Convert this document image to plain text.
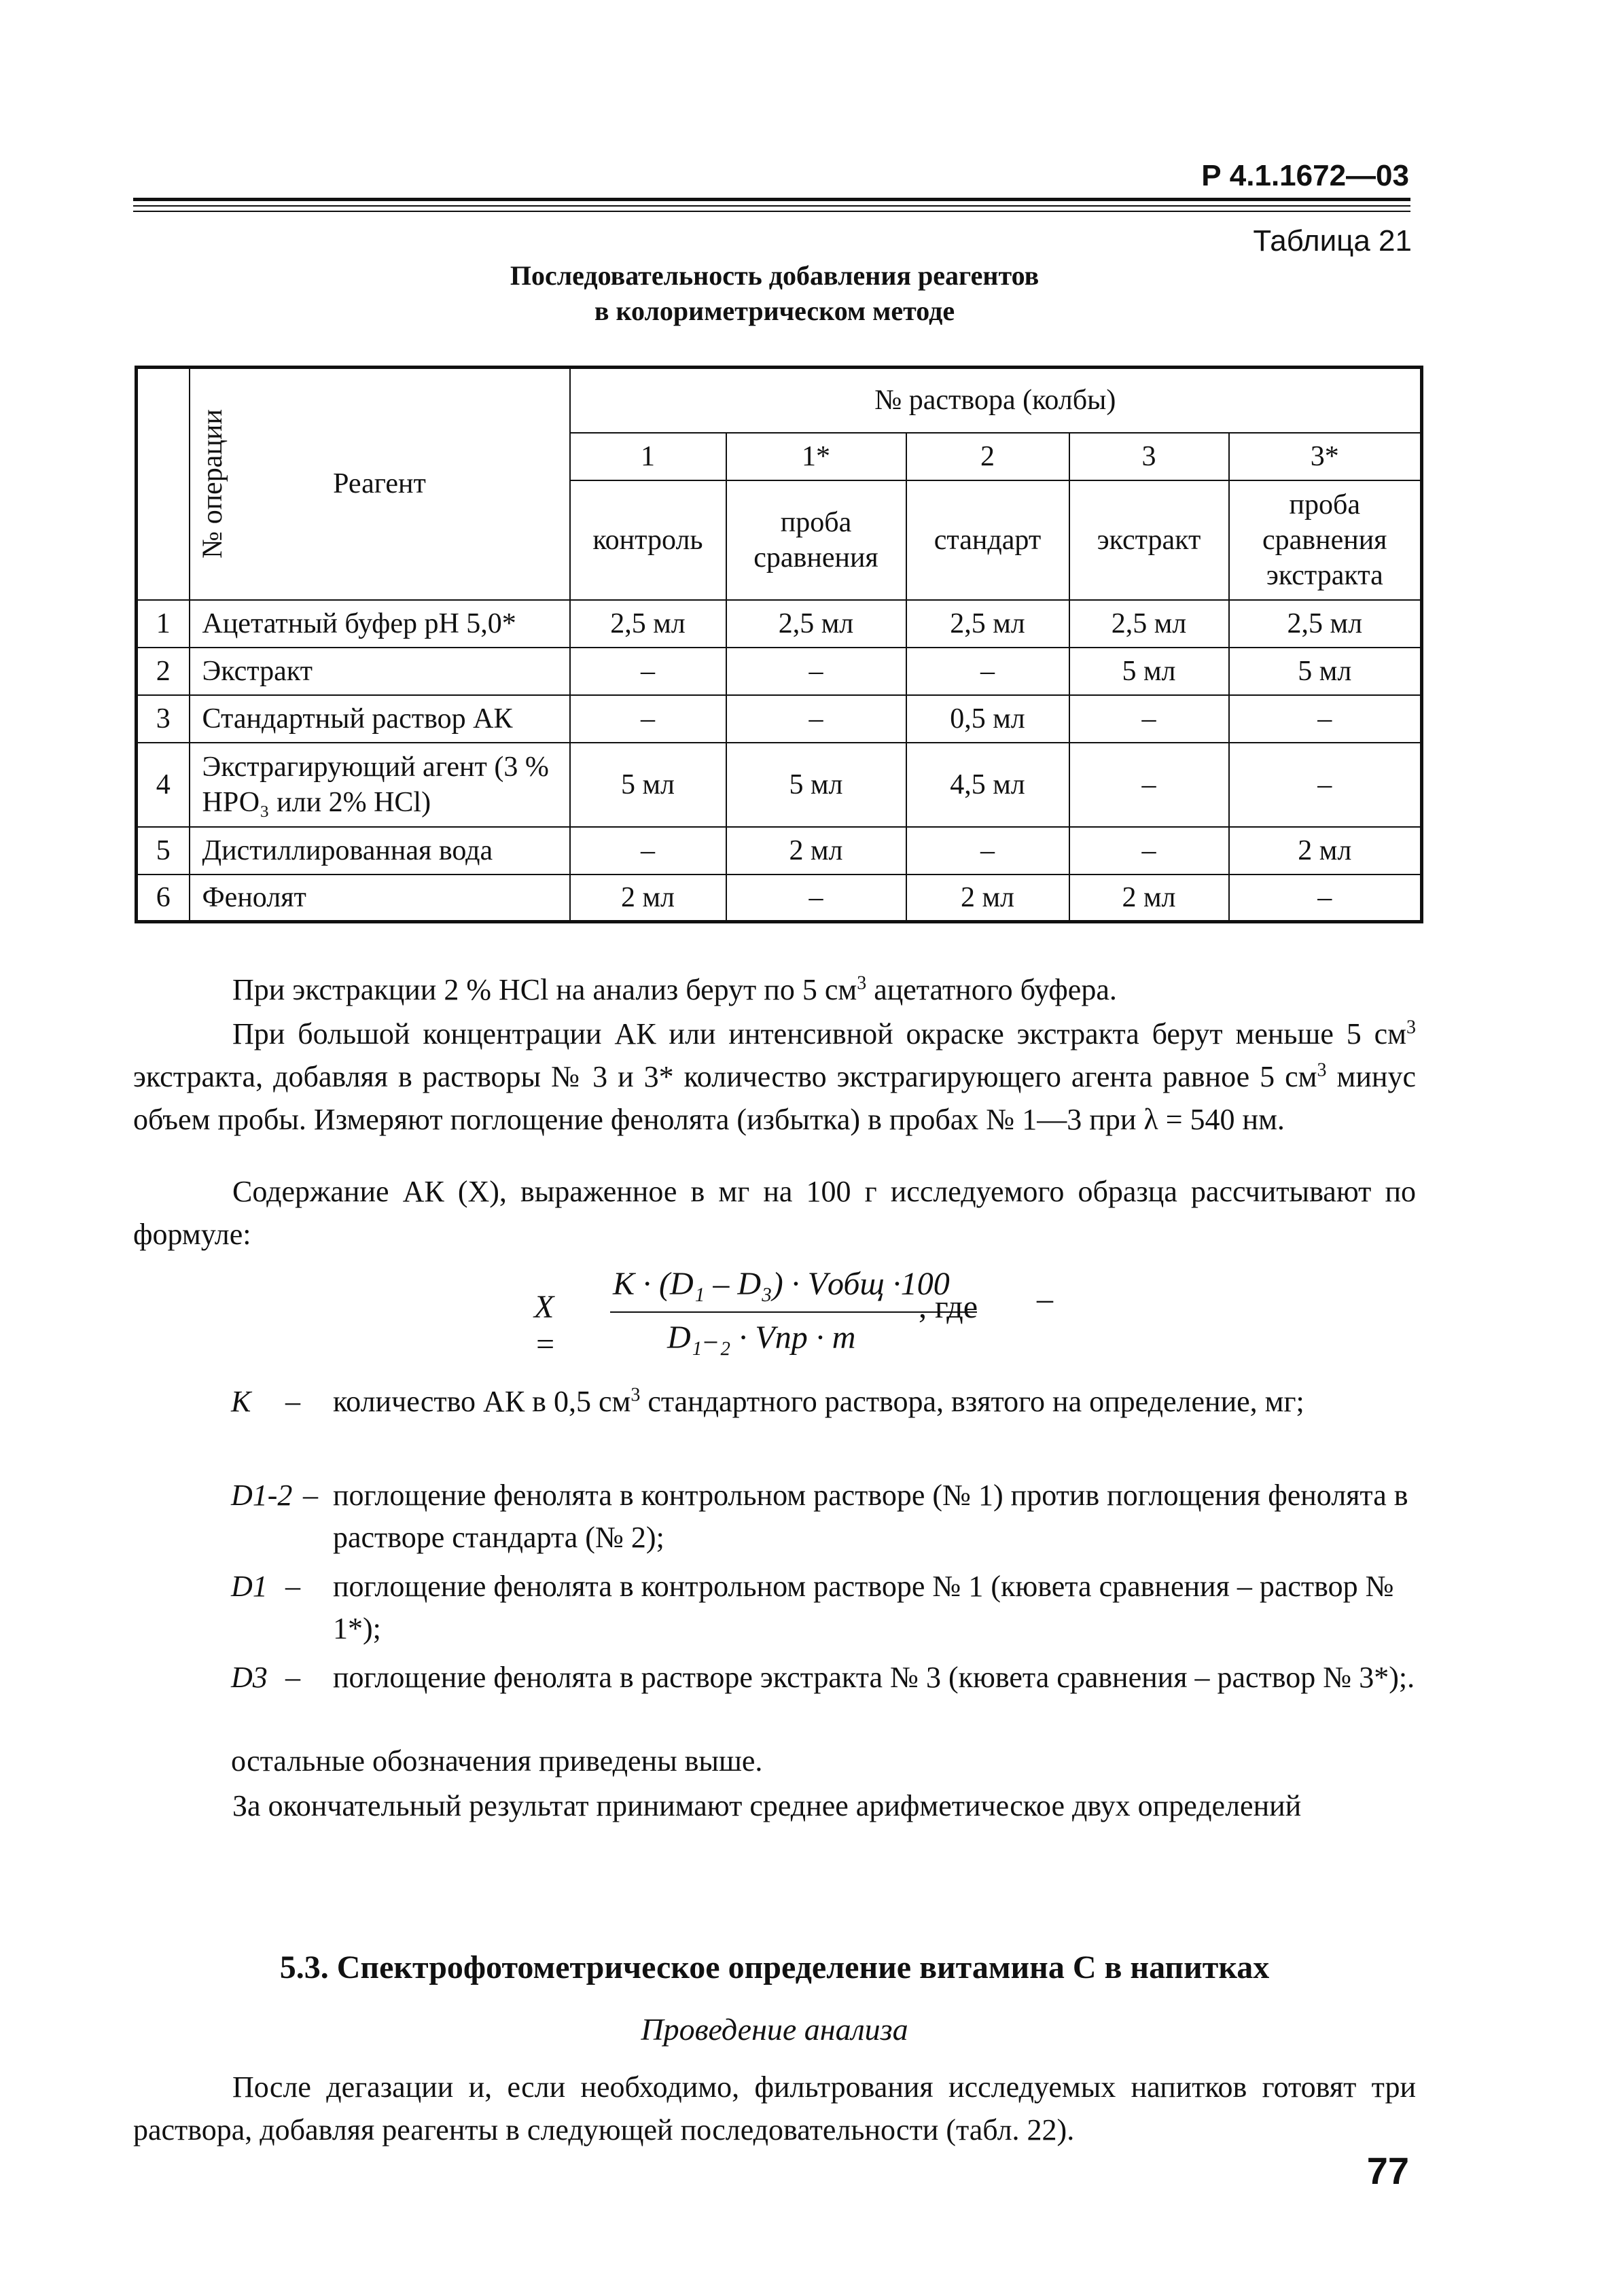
Р 4.1.1672—03
Таблица 21
Последовательность добавления реагентов
в колориметрическом методе
№ операции	Реагент	№ раствора (колбы)				
		1	1*	2	3	3*
		контроль	проба сравнения	стандарт	экстракт	проба сравнения экстракта
1	Ацетатный буфер рН 5,0*	2,5 мл	2,5 мл	2,5 мл	2,5 мл	2,5 мл
2	Экстракт	–	–	–	5 мл	5 мл
3	Стандартный раствор АК	–	–	0,5 мл	–	–
4	Экстрагирующий агент (3 % НРО₃ или 2% HCl)	5 мл	5 мл	4,5 мл	–	–
5	Дистиллированная вода	–	2 мл	–	–	2 мл
6	Фенолят	2 мл	–	2 мл	2 мл	–
При экстракции 2 % HCl на анализ берут по 5 $см^3$ ацетатного буфера.
При большой концентрации АК или интенсивной окраске экстракта берут меньше 5 $см^3$ экстракта, добавляя в растворы № 3 и 3* количество экстрагирующего агента равное 5 $см^3$ минус объем пробы. Измеряют поглощение фенолята (избытка) в пробах № 1—3 при λ = 540 нм.
Содержание АК (X), выраженное в мг на 100 г исследуемого образца рассчитывают по формуле:
X =
K · (D₁ – D₃) · Vобщ ·100
D₁₋₂ · Vпр · m
, где –
K – количество АК в 0,5 $см^3$ стандартного раствора, взятого на определение, мг;
D1-2 – поглощение фенолята в контрольном растворе (№ 1) против поглощения фенолята в растворе стандарта (№ 2);
D1 – поглощение фенолята в контрольном растворе № 1 (кювета сравнения – раствор № 1*);
D3 – поглощение фенолята в растворе экстракта № 3 (кювета сравнения – раствор № 3*);.
остальные обозначения приведены выше.
За окончательный результат принимают среднее арифметическое двух определений
5.3. Спектрофотометрическое определение витамина С в напитках
Проведение анализа
После дегазации и, если необходимо, фильтрования исследуемых напитков готовят три раствора, добавляя реагенты в следующей последовательности (табл. 22).
77
